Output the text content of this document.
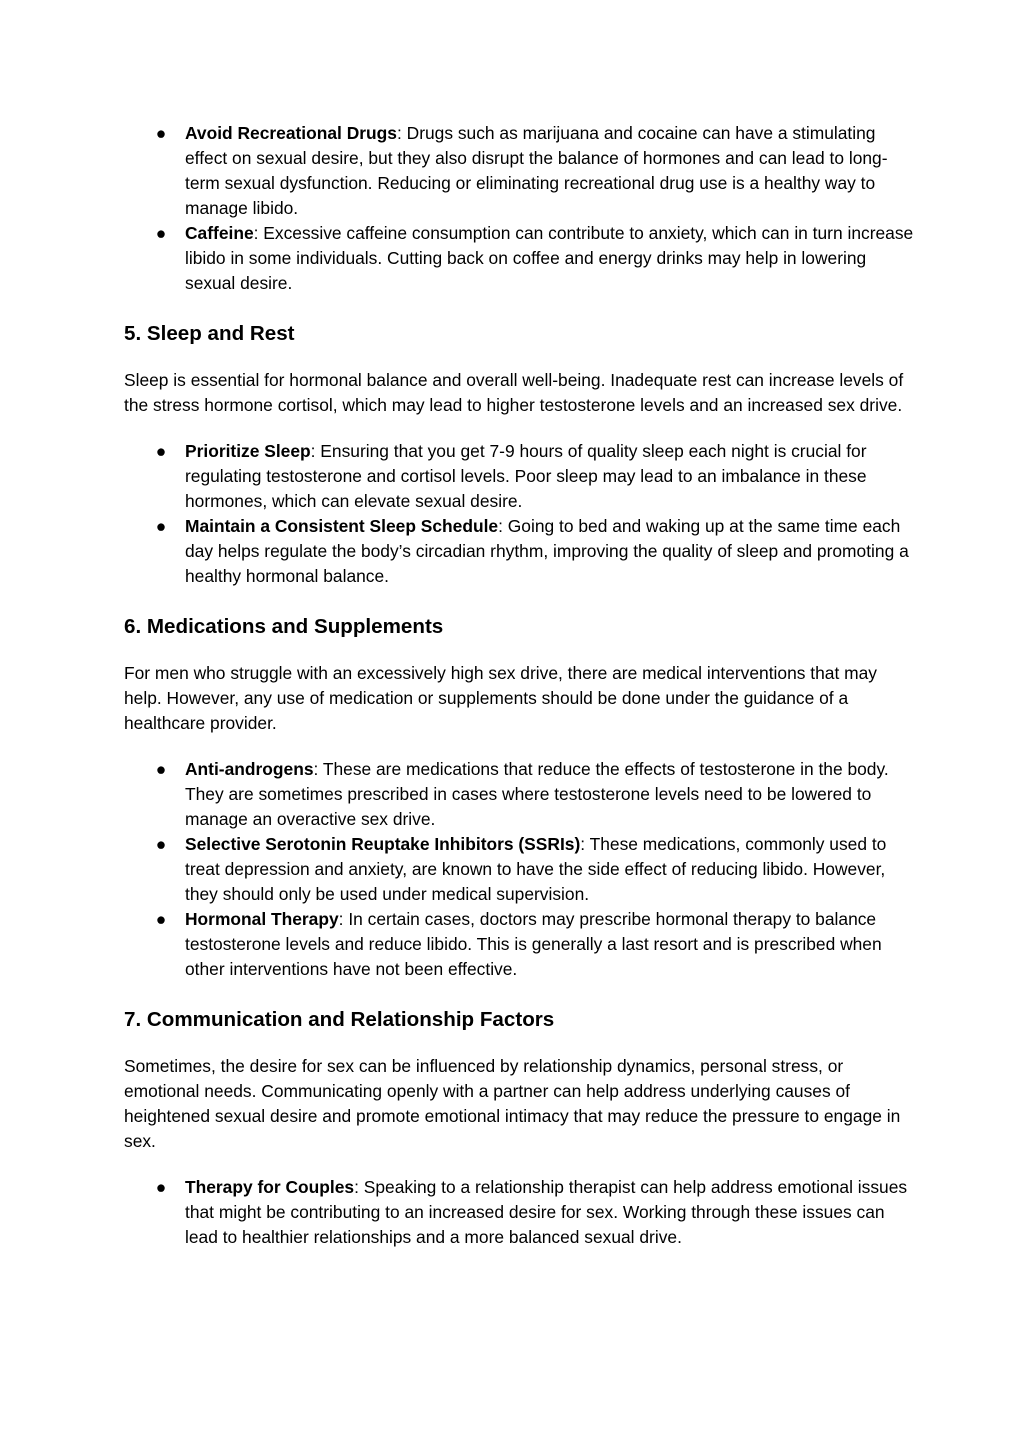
● Avoid Recreational Drugs: Drugs such as marijuana and cocaine can have a stimulating effect on sexual desire, but they also disrupt the balance of hormones and can lead to long-term sexual dysfunction. Reducing or eliminating recreational drug use is a healthy way to manage libido.
● Caffeine: Excessive caffeine consumption can contribute to anxiety, which can in turn increase libido in some individuals. Cutting back on coffee and energy drinks may help in lowering sexual desire.
5. Sleep and Rest

Sleep is essential for hormonal balance and overall well-being. Inadequate rest can increase levels of the stress hormone cortisol, which may lead to higher testosterone levels and an increased sex drive.

● Prioritize Sleep: Ensuring that you get 7-9 hours of quality sleep each night is crucial for regulating testosterone and cortisol levels. Poor sleep may lead to an imbalance in these hormones, which can elevate sexual desire.
● Maintain a Consistent Sleep Schedule: Going to bed and waking up at the same time each day helps regulate the body’s circadian rhythm, improving the quality of sleep and promoting a healthy hormonal balance.
6. Medications and Supplements

For men who struggle with an excessively high sex drive, there are medical interventions that may help. However, any use of medication or supplements should be done under the guidance of a healthcare provider.

● Anti-androgens: These are medications that reduce the effects of testosterone in the body. They are sometimes prescribed in cases where testosterone levels need to be lowered to manage an overactive sex drive.
● Selective Serotonin Reuptake Inhibitors (SSRIs): These medications, commonly used to treat depression and anxiety, are known to have the side effect of reducing libido. However, they should only be used under medical supervision.
● Hormonal Therapy: In certain cases, doctors may prescribe hormonal therapy to balance testosterone levels and reduce libido. This is generally a last resort and is prescribed when other interventions have not been effective.
7. Communication and Relationship Factors

Sometimes, the desire for sex can be influenced by relationship dynamics, personal stress, or emotional needs. Communicating openly with a partner can help address underlying causes of heightened sexual desire and promote emotional intimacy that may reduce the pressure to engage in sex.

● Therapy for Couples: Speaking to a relationship therapist can help address emotional issues that might be contributing to an increased desire for sex. Working through these issues can lead to healthier relationships and a more balanced sexual drive.
